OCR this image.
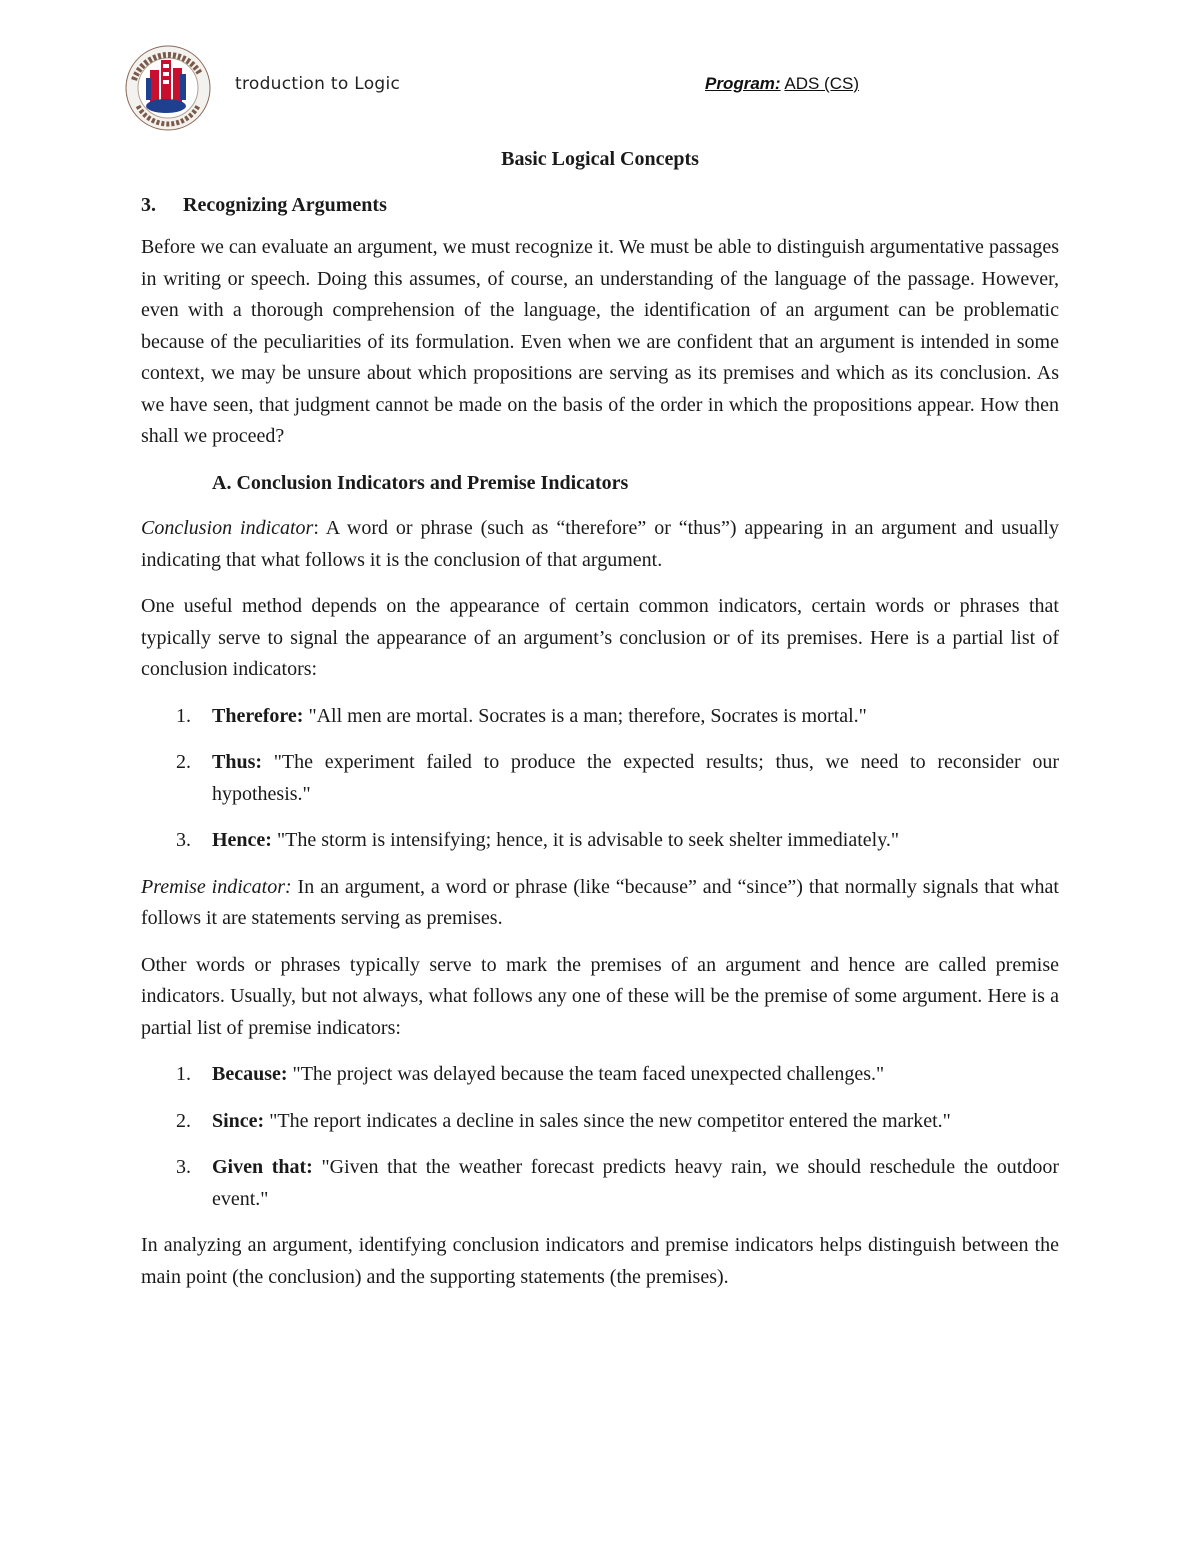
troduction to Logic	Program: ADS (CS)
Basic Logical Concepts
3.	Recognizing Arguments

Before we can evaluate an argument, we must recognize it. We must be able to distinguish argumentative passages in writing or speech. Doing this assumes, of course, an understanding of the language of the passage. However, even with a thorough comprehension of the language, the identification of an argument can be problematic because of the peculiarities of its formulation. Even when we are confident that an argument is intended in some context, we may be unsure about which propositions are serving as its premises and which as its conclusion. As we have seen, that judgment cannot be made on the basis of the order in which the propositions appear. How then shall we proceed?

A. Conclusion Indicators and Premise Indicators

Conclusion indicator: A word or phrase (such as “therefore” or “thus”) appearing in an argument and usually indicating that what follows it is the conclusion of that argument.

One useful method depends on the appearance of certain common indicators, certain words or phrases that typically serve to signal the appearance of an argument’s conclusion or of its premises. Here is a partial list of conclusion indicators:

1. Therefore: "All men are mortal. Socrates is a man; therefore, Socrates is mortal."
2. Thus: "The experiment failed to produce the expected results; thus, we need to reconsider our hypothesis."
3. Hence: "The storm is intensifying; hence, it is advisable to seek shelter immediately."

Premise indicator: In an argument, a word or phrase (like “because” and “since”) that normally signals that what follows it are statements serving as premises.

Other words or phrases typically serve to mark the premises of an argument and hence are called premise indicators. Usually, but not always, what follows any one of these will be the premise of some argument. Here is a partial list of premise indicators:

1. Because: "The project was delayed because the team faced unexpected challenges."
2. Since: "The report indicates a decline in sales since the new competitor entered the market."
3. Given that: "Given that the weather forecast predicts heavy rain, we should reschedule the outdoor event."

In analyzing an argument, identifying conclusion indicators and premise indicators helps distinguish between the main point (the conclusion) and the supporting statements (the premises).
